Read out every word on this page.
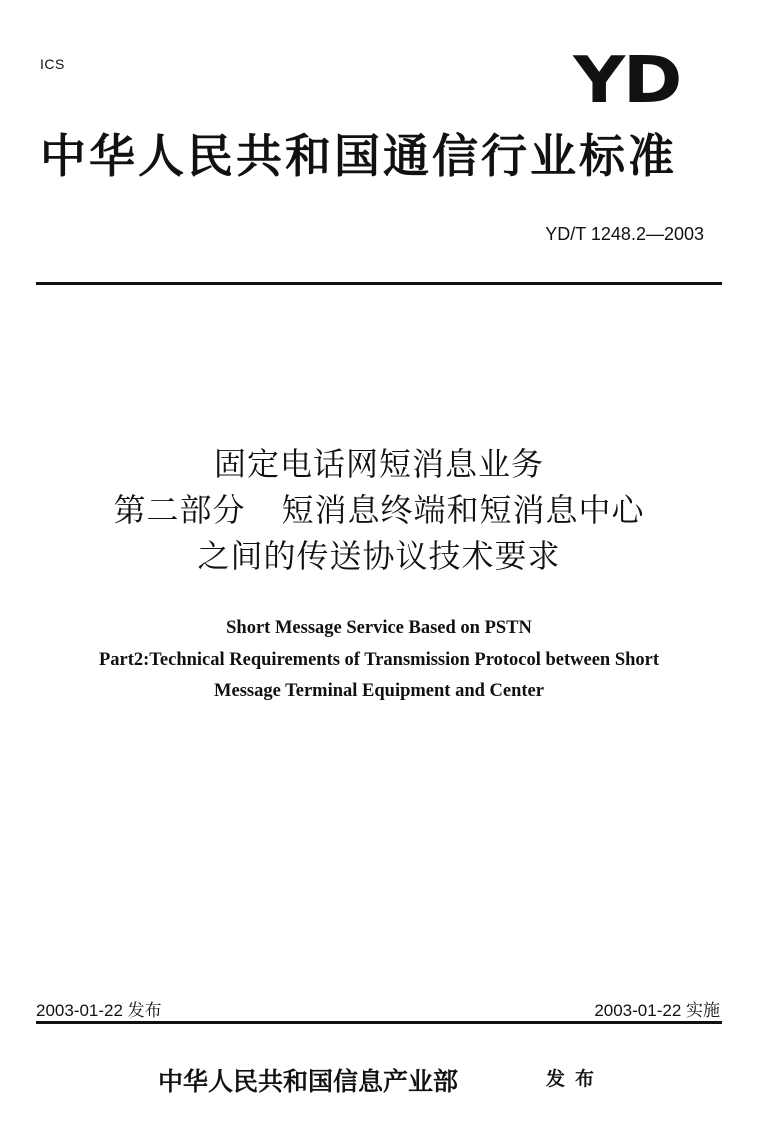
ICS	YD
中华人民共和国通信行业标准
YD/T 1248.2—2003
固定电话网短消息业务
第二部分 短消息终端和短消息中心
之间的传送协议技术要求
Short Message Service Based on PSTN
Part2:Technical Requirements of Transmission Protocol between Short
Message Terminal Equipment and Center
2003-01-22 发布	2003-01-22 实施
中华人民共和国信息产业部	发布
